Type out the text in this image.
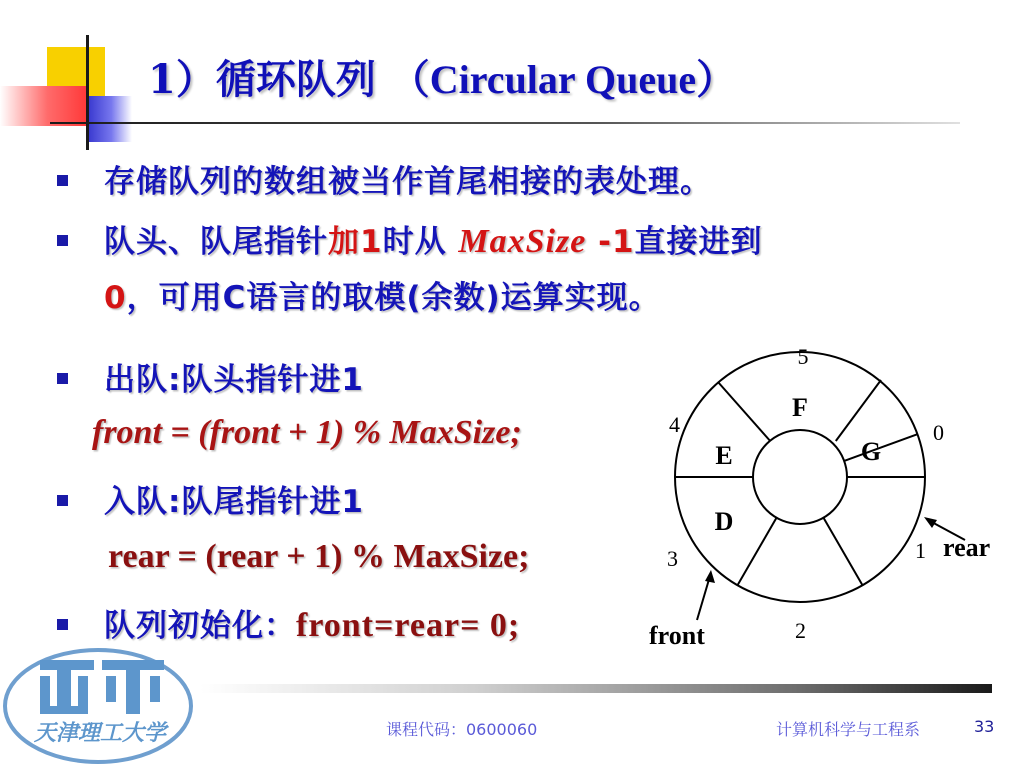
1）循环队列 （Circular Queue）
存储队列的数组被当作首尾相接的表处理。
队头、队尾指针加1时从 MaxSize -1直接进到
0，可用C语言的取模(余数)运算实现。
出队:队头指针进1
front = (front + 1) % MaxSize;
入队:队尾指针进1
rear = (rear + 1) % MaxSize;
队列初始化：front=rear= 0;
F
G
E
D
5
0
1
2
3
4
rear
front
课程代码：0600060	计算机科学与工程系	33
天津理工大学
